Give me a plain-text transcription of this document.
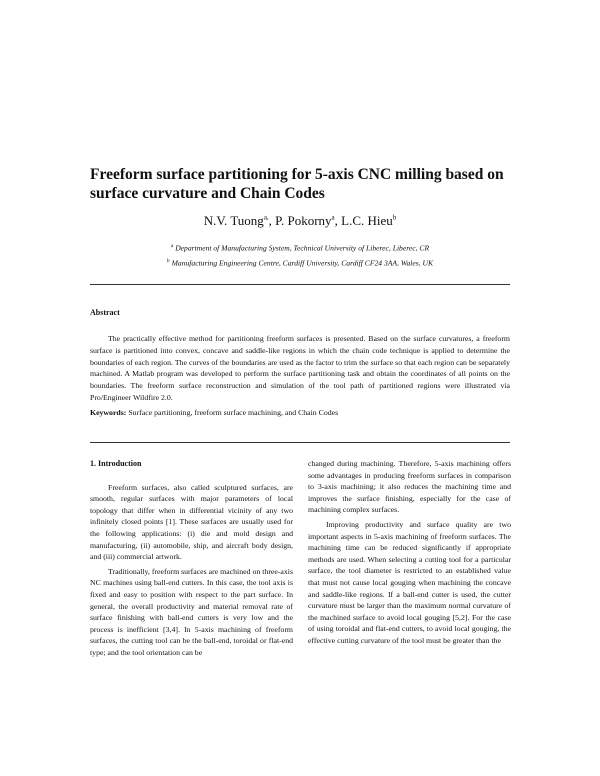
Freeform surface partitioning for 5-axis CNC milling based on surface curvature and Chain Codes

N.V. Tuong$^{a,}$, P. Pokorny$^a$, L.C. Hieu$^b$

$^a$ Department of Manufacturing System, Technical University of Liberec, Liberec, CR
$^b$ Manufacturing Engineering Centre, Cardiff University, Cardiff CF24 3AA, Wales, UK
Abstract

The practically effective method for partitioning freeform surfaces is presented. Based on the surface curvatures, a freeform surface is partitioned into convex, concave and saddle-like regions in which the chain code technique is applied to determine the boundaries of each region. The curves of the boundaries are used as the factor to trim the surface so that each region can be separately machined. A Matlab program was developed to perform the surface partitioning task and obtain the coordinates of all points on the boundaries. The freeform surface reconstruction and simulation of the tool path of partitioned regions were illustrated via Pro/Engineer Wildfire 2.0.

Keywords: Surface partitioning, freeform surface machining, and Chain Codes

1. Introduction

Freeform surfaces, also called sculptured surfaces, are smooth, regular surfaces with major parameters of local topology that differ when in differential vicinity of any two infinitely closed points [1]. These surfaces are usually used for the following applications: (i) die and mold design and manufacturing, (ii) automobile, ship, and aircraft body design, and (iii) commercial artwork.

Traditionally, freeform surfaces are machined on three-axis NC machines using ball-end cutters. In this case, the tool axis is fixed and easy to position with respect to the part surface. In general, the overall productivity and material removal rate of surface finishing with ball-end cutters is very low and the process is inefficient [3,4]. In 5-axis machining of freeform surfaces, the cutting tool can be the ball-end, toroidal or flat-end type; and the tool orientation can be

changed during machining. Therefore, 5-axis machining offers some advantages in producing freeform surfaces in comparison to 3-axis machining; it also reduces the machining time and improves the surface finishing, especially for the case of machining complex surfaces.

Improving productivity and surface quality are two important aspects in 5-axis machining of freeform surfaces. The machining time can be reduced significantly if appropriate methods are used. When selecting a cutting tool for a particular surface, the tool diameter is restricted to an established value that must not cause local gouging when machining the concave and saddle-like regions. If a ball-end cutter is used, the cutter curvature must be larger than the maximum normal curvature of the machined surface to avoid local gouging [5,2]. For the case of using toroidal and flat-end cutters, to avoid local gouging, the effective cutting curvature of the tool must be greater than the
